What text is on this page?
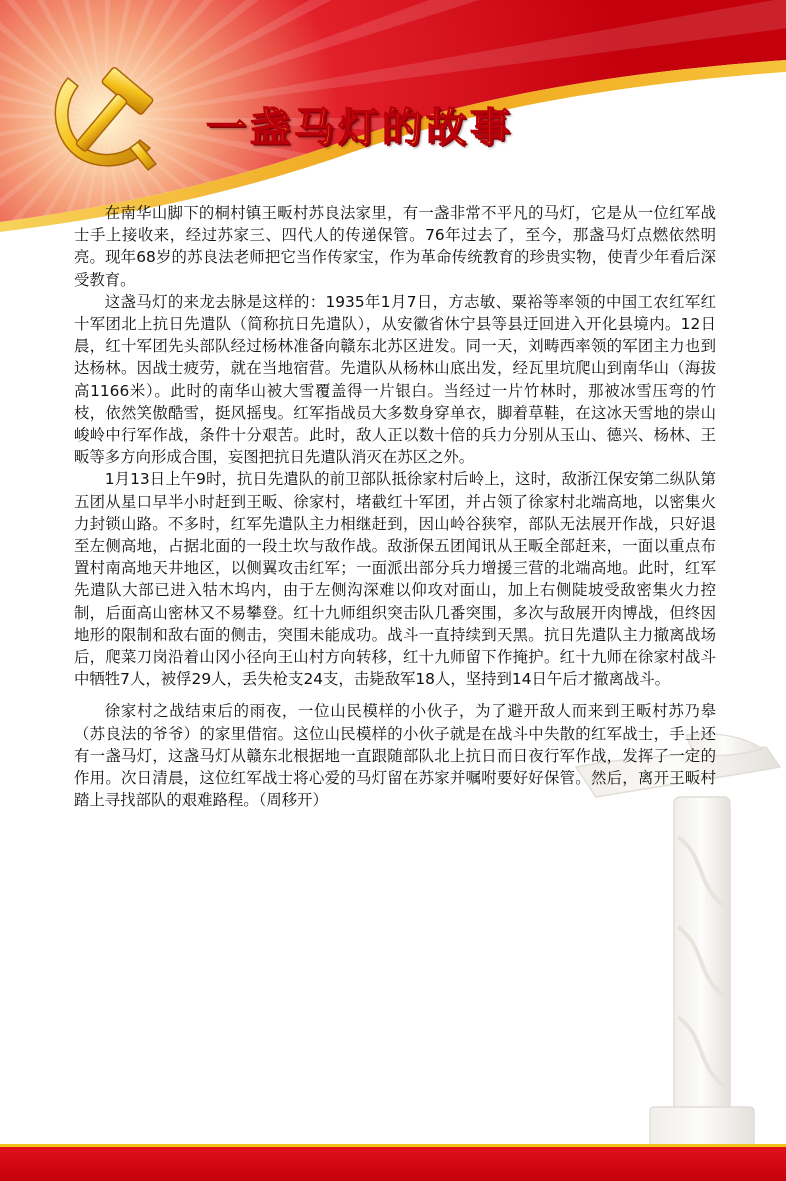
一盏马灯的故事

在南华山脚下的桐村镇王畈村苏良法家里，有一盏非常不平凡的马灯，它是从一位红军战士手上接收来，经过苏家三、四代人的传递保管。76年过去了，至今，那盏马灯点燃依然明亮。现年68岁的苏良法老师把它当作传家宝，作为革命传统教育的珍贵实物，使青少年看后深受教育。

这盏马灯的来龙去脉是这样的：1935年1月7日，方志敏、粟裕等率领的中国工农红军红十军团北上抗日先遣队（简称抗日先遣队），从安徽省休宁县等县迂回进入开化县境内。12日晨，红十军团先头部队经过杨林准备向赣东北苏区进发。同一天，刘畴西率领的军团主力也到达杨林。因战士疲劳，就在当地宿营。先遣队从杨林山底出发，经瓦里坑爬山到南华山（海拔高1166米）。此时的南华山被大雪覆盖得一片银白。当经过一片竹林时，那被冰雪压弯的竹枝，依然笑傲酷雪，挺风摇曳。红军指战员大多数身穿单衣，脚着草鞋，在这冰天雪地的崇山峻岭中行军作战，条件十分艰苦。此时，敌人正以数十倍的兵力分别从玉山、德兴、杨林、王畈等多方向形成合围，妄图把抗日先遣队消灭在苏区之外。

1月13日上午9时，抗日先遣队的前卫部队抵徐家村后岭上，这时，敌浙江保安第二纵队第五团从星口早半小时赶到王畈、徐家村，堵截红十军团，并占领了徐家村北端高地，以密集火力封锁山路。不多时，红军先遣队主力相继赶到，因山岭谷狭窄，部队无法展开作战，只好退至左侧高地，占据北面的一段土坎与敌作战。敌浙保五团闻讯从王畈全部赶来，一面以重点布置村南高地天井地区，以侧翼攻击红军；一面派出部分兵力增援三营的北端高地。此时，红军先遣队大部已进入牯木坞内，由于左侧沟深难以仰攻对面山，加上右侧陡坡受敌密集火力控制，后面高山密林又不易攀登。红十九师组织突击队几番突围，多次与敌展开肉博战，但终因地形的限制和敌右面的侧击，突围未能成功。战斗一直持续到天黑。抗日先遣队主力撤离战场后，爬菜刀岗沿着山冈小径向王山村方向转移，红十九师留下作掩护。红十九师在徐家村战斗中牺牲7人，被俘29人，丢失枪支24支，击毙敌军18人，坚持到14日午后才撤离战斗。

徐家村之战结束后的雨夜，一位山民模样的小伙子，为了避开敌人而来到王畈村苏乃皋（苏良法的爷爷）的家里借宿。这位山民模样的小伙子就是在战斗中失散的红军战士，手上还有一盏马灯，这盏马灯从赣东北根据地一直跟随部队北上抗日而日夜行军作战，发挥了一定的作用。次日清晨，这位红军战士将心爱的马灯留在苏家并嘱咐要好好保管。然后，离开王畈村踏上寻找部队的艰难路程。（周移开）
